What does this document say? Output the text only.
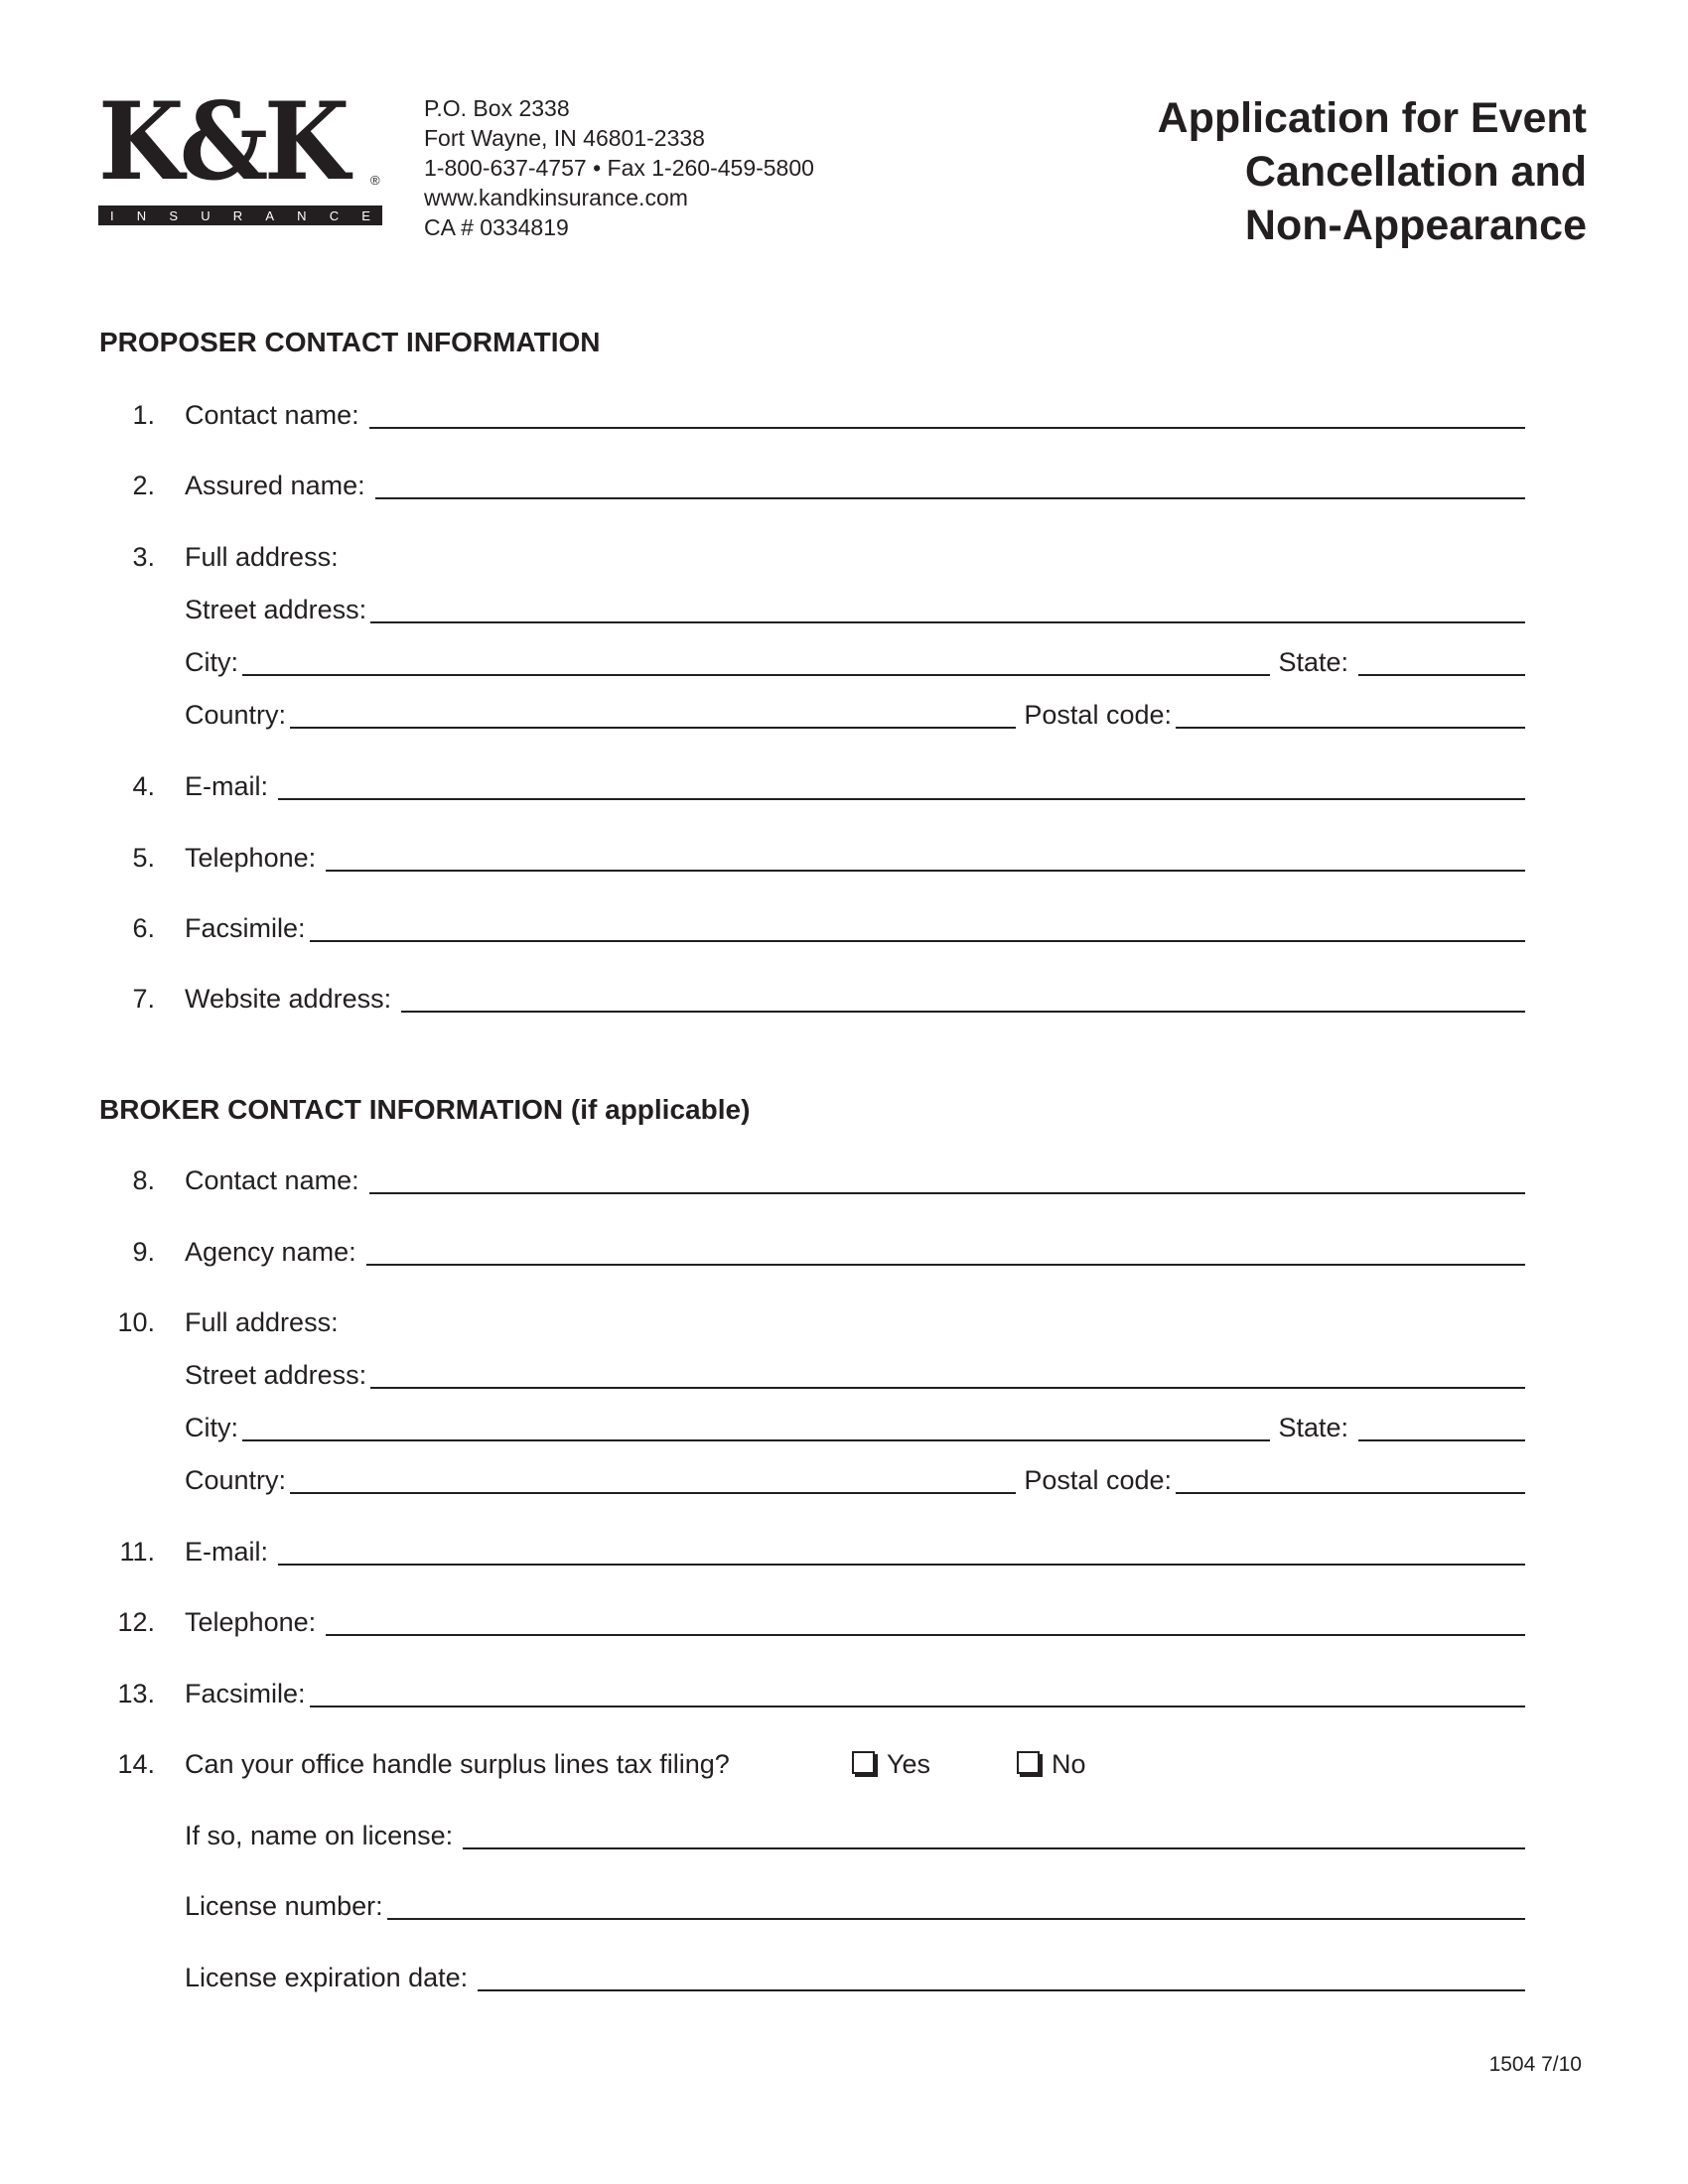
K&K	®
I N S U R A N C E
P.O. Box 2338
Fort Wayne, IN 46801-2338
1-800-637-4757 • Fax 1-260-459-5800
www.kandkinsurance.com
CA # 0334819
Application for Event
Cancellation and
Non-Appearance
PROPOSER CONTACT INFORMATION
1. Contact name:
2. Assured name:
3. Full address:
Street address:
City:	State:
Country:	Postal code:
4. E-mail:
5. Telephone:
6. Facsimile:
7. Website address:
BROKER CONTACT INFORMATION (if applicable)
8. Contact name:
9. Agency name:
10. Full address:
Street address:
City:	State:
Country:	Postal code:
11. E-mail:
12. Telephone:
13. Facsimile:
14. Can your office handle surplus lines tax filing?	Yes	No
If so, name on license:
License number:
License expiration date:
1504 7/10
